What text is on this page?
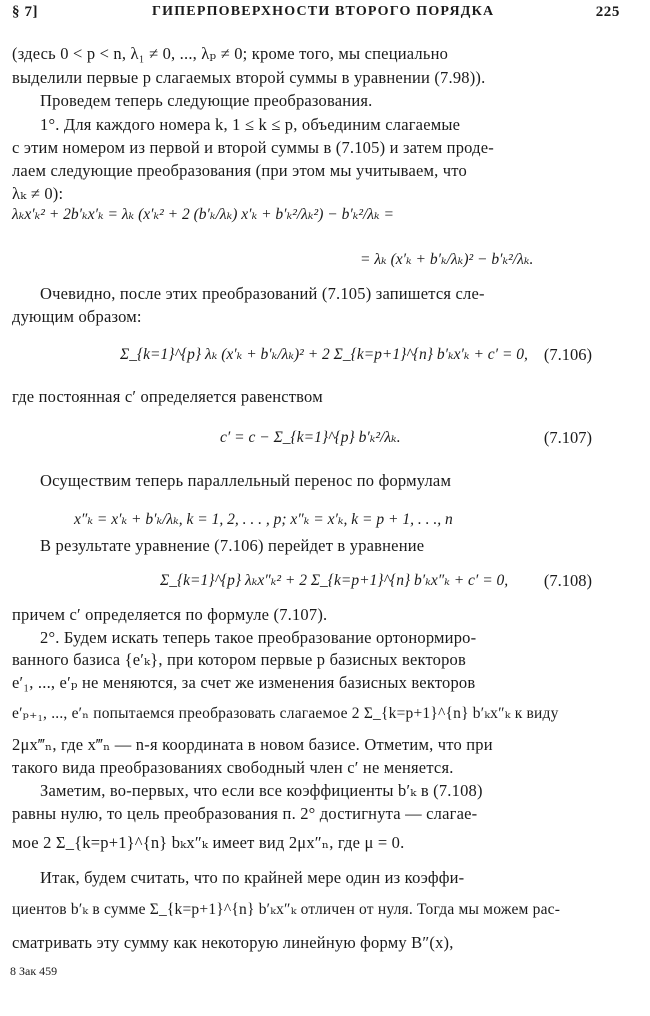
§ 7]	ГИПЕРПОВЕРХНОСТИ ВТОРОГО ПОРЯДКА	225
(здесь 0 < p < n, λ₁ ≠ 0, ..., λₚ ≠ 0; кроме того, мы специально
выделили первые p слагаемых второй суммы в уравнении (7.98)).
Проведем теперь следующие преобразования.
1°. Для каждого номера k, 1 ≤ k ≤ p, объединим слагаемые
с этим номером из первой и второй суммы в (7.105) и затем проде-
лаем следующие преобразования (при этом мы учитываем, что
λₖ ≠ 0):
λₖx′ₖ² + 2b′ₖx′ₖ = λₖ (x′ₖ² + 2 (b′ₖ/λₖ) x′ₖ + b′ₖ²/λₖ²) − b′ₖ²/λₖ =
= λₖ (x′ₖ + b′ₖ/λₖ)² − b′ₖ²/λₖ.
Очевидно, после этих преобразований (7.105) запишется сле-
дующим образом:
Σ_{k=1}^{p} λₖ (x′ₖ + b′ₖ/λₖ)² + 2 Σ_{k=p+1}^{n} b′ₖx′ₖ + c′ = 0, (7.106)
где постоянная c′ определяется равенством
c′ = c − Σ_{k=1}^{p} b′ₖ²/λₖ.	(7.107)
Осуществим теперь параллельный перенос по формулам
x″ₖ = x′ₖ + b′ₖ/λₖ, k = 1, 2, . . . , p; x″ₖ = x′ₖ, k = p + 1, . . ., n
В результате уравнение (7.106) перейдет в уравнение
Σ_{k=1}^{p} λₖx″ₖ² + 2 Σ_{k=p+1}^{n} b′ₖx″ₖ + c′ = 0, (7.108)
причем c′ определяется по формуле (7.107).
2°. Будем искать теперь такое преобразование ортонормиро-
ванного базиса {e′ₖ}, при котором первые p базисных векторов
e′₁, ..., e′ₚ не меняются, за счет же изменения базисных векторов
e′ₚ₊₁, ..., e′ₙ попытаемся преобразовать слагаемое 2 Σ_{k=p+1}^{n} b′ₖx″ₖ к виду
2μx‴ₙ, где x‴ₙ — n-я координата в новом базисе. Отметим, что при
такого вида преобразованиях свободный член c′ не меняется.
Заметим, во-первых, что если все коэффициенты b′ₖ в (7.108)
равны нулю, то цель преобразования п. 2° достигнута — слагае-
мое 2 Σ_{k=p+1}^{n} bₖx″ₖ имеет вид 2μx″ₙ, где μ = 0.
Итак, будем считать, что по крайней мере один из коэффи-
циентов b′ₖ в сумме Σ_{k=p+1}^{n} b′ₖx″ₖ отличен от нуля. Тогда мы можем рас-
сматривать эту сумму как некоторую линейную форму B″(x),
8 Зак 459
